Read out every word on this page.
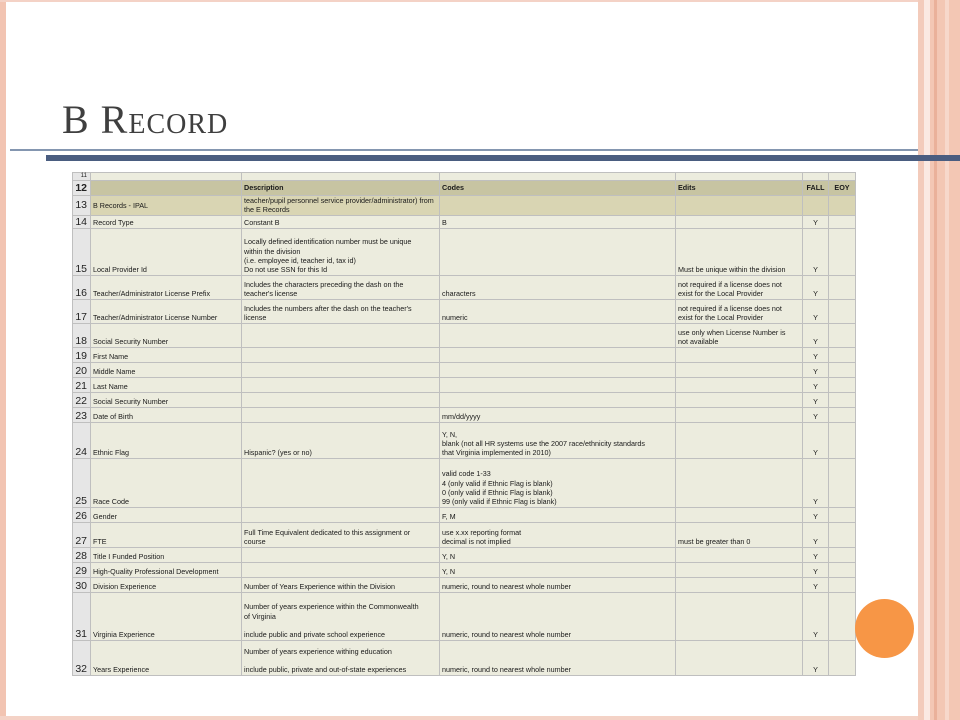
B Record
11						
12		Description	Codes	Edits	FALL	EOY
13	B Records - IPAL	teacher/pupil personnel service provider/administrator) from the E Records				
14	Record Type	Constant B	B		Y	
15	Local Provider Id	Locally defined identification number must be unique
within the division
(i.e. employee id, teacher id, tax id)
Do not use SSN for this Id		Must be unique within the division	Y	
16	Teacher/Administrator License Prefix	Includes the characters preceding the dash on the
teacher's license	characters	not required if a license does not
exist for the Local Provider	Y	
17	Teacher/Administrator License Number	Includes the numbers after the dash on the teacher's
license	numeric	not required if a license does not
exist for the Local Provider	Y	
18	Social Security Number			use only when License Number is
not available	Y	
19	First Name				Y	
20	Middle Name				Y	
21	Last Name				Y	
22	Social Security Number				Y	
23	Date of Birth		mm/dd/yyyy		Y	
24	Ethnic Flag	Hispanic? (yes or no)	Y, N,
blank (not all HR systems use the 2007 race/ethnicity standards
that Virginia implemented in 2010)		Y	
25	Race Code		valid code 1-33
4 (only valid if Ethnic Flag is blank)
0 (only valid if Ethnic Flag is blank)
99 (only valid if Ethnic Flag is blank)		Y	
26	Gender		F, M		Y	
27	FTE	Full Time Equivalent dedicated to this assignment or
course	use x.xx reporting format
decimal is not implied	must be greater than 0	Y	
28	Title I Funded Position		Y, N		Y	
29	High-Quality Professional Development		Y, N		Y	
30	Division Experience	Number of Years Experience within the Division	numeric, round to nearest whole number		Y	
31	Virginia Experience	Number of years experience within the Commonwealth
of Virginia

include public and private school experience	numeric, round to nearest whole number		Y	
32	Years Experience	Number of years experience withing education

include public, private and out-of-state experiences	numeric, round to nearest whole number		Y	
